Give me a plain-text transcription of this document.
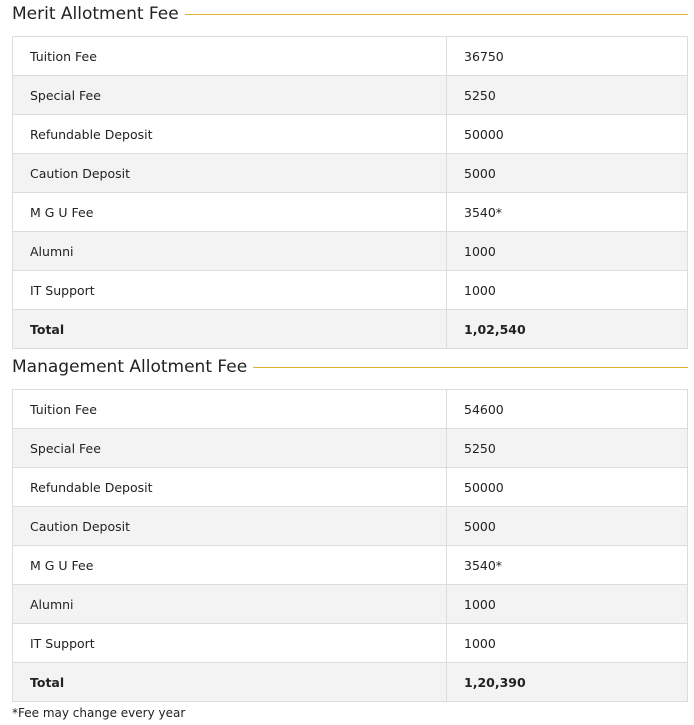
Merit Allotment Fee
Tuition Fee	36750
Special Fee	5250
Refundable Deposit	50000
Caution Deposit	5000
M G U Fee	3540*
Alumni	1000
IT Support	1000
Total	1,02,540
Management Allotment Fee
Tuition Fee	54600
Special Fee	5250
Refundable Deposit	50000
Caution Deposit	5000
M G U Fee	3540*
Alumni	1000
IT Support	1000
Total	1,20,390
*Fee may change every year
